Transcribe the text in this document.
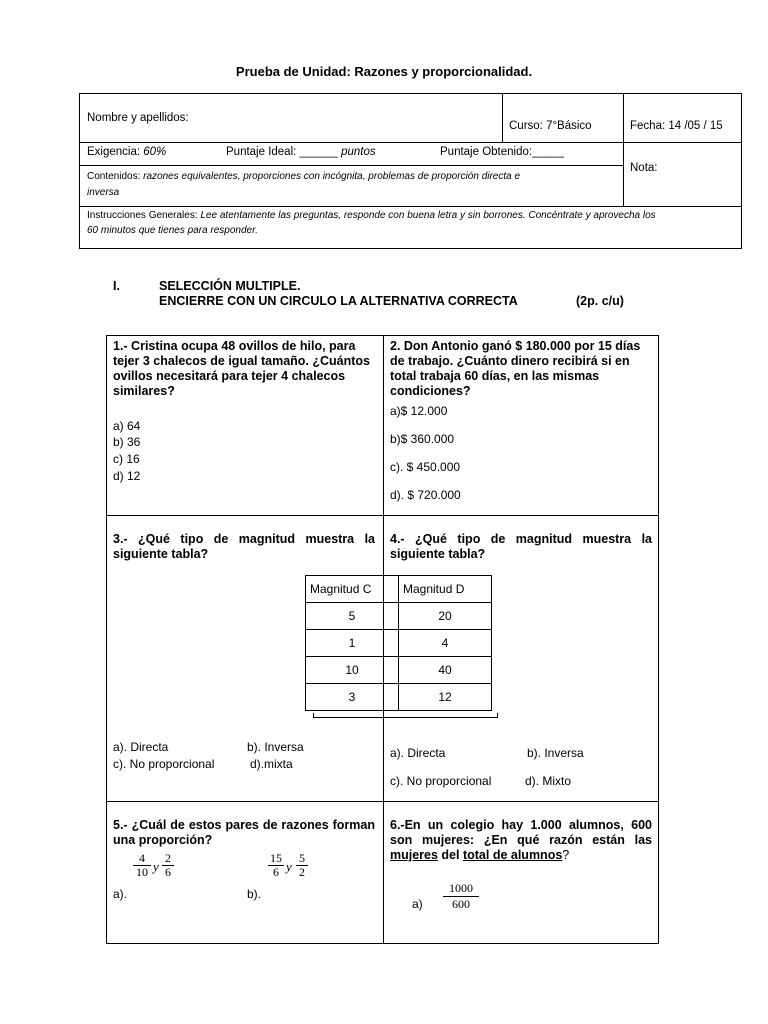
Prueba de Unidad: Razones y proporcionalidad.
Nombre y apellidos:
Curso: 7°Básico	Fecha: 14 /05 / 15
Exigencia: 60%	Puntaje Ideal: ______ puntos	Puntaje Obtenido:_____
Nota:
Contenidos: razones equivalentes, proporciones con incógnita, problemas de proporción directa e
inversa
Instrucciones Generales: Lee atentamente las preguntas, responde con buena letra y sin borrones. Concéntrate y aprovecha los
60 minutos que tienes para responder.
I.	SELECCIÓN MULTIPLE.
ENCIERRE CON UN CIRCULO LA ALTERNATIVA CORRECTA	(2p. c/u)
1.- Cristina ocupa 48 ovillos de hilo, para tejer 3 chalecos de igual tamaño. ¿Cuántos ovillos necesitará para tejer 4 chalecos similares?
a) 64
b) 36
c) 16
d) 12
2. Don Antonio ganó $ 180.000 por 15 días de trabajo. ¿Cuánto dinero recibirá si en total trabaja 60 días, en las mismas condiciones?
a)$ 12.000
b)$ 360.000
c). $ 450.000
d). $ 720.000
3.- ¿Qué tipo de magnitud muestra la siguiente tabla?
a). Directa	b). Inversa
c). No proporcional	d).mixta
4.- ¿Qué tipo de magnitud muestra la siguiente tabla?
a). Directa	b). Inversa
c). No proporcional	d). Mixto
Magnitud C	Magnitud D
5	20
1	4
10	40
3	12
5.- ¿Cuál de estos pares de razones forman una proporción?
$\frac{4}{10}$ y $\frac{2}{6}$
a).
$\frac{15}{6}$ y $\frac{5}{2}$
b).
6.-En un colegio hay 1.000 alumnos, 600 son mujeres: ¿En qué razón están las mujeres del total de alumnos?
$a) \frac{1000}{600}$
